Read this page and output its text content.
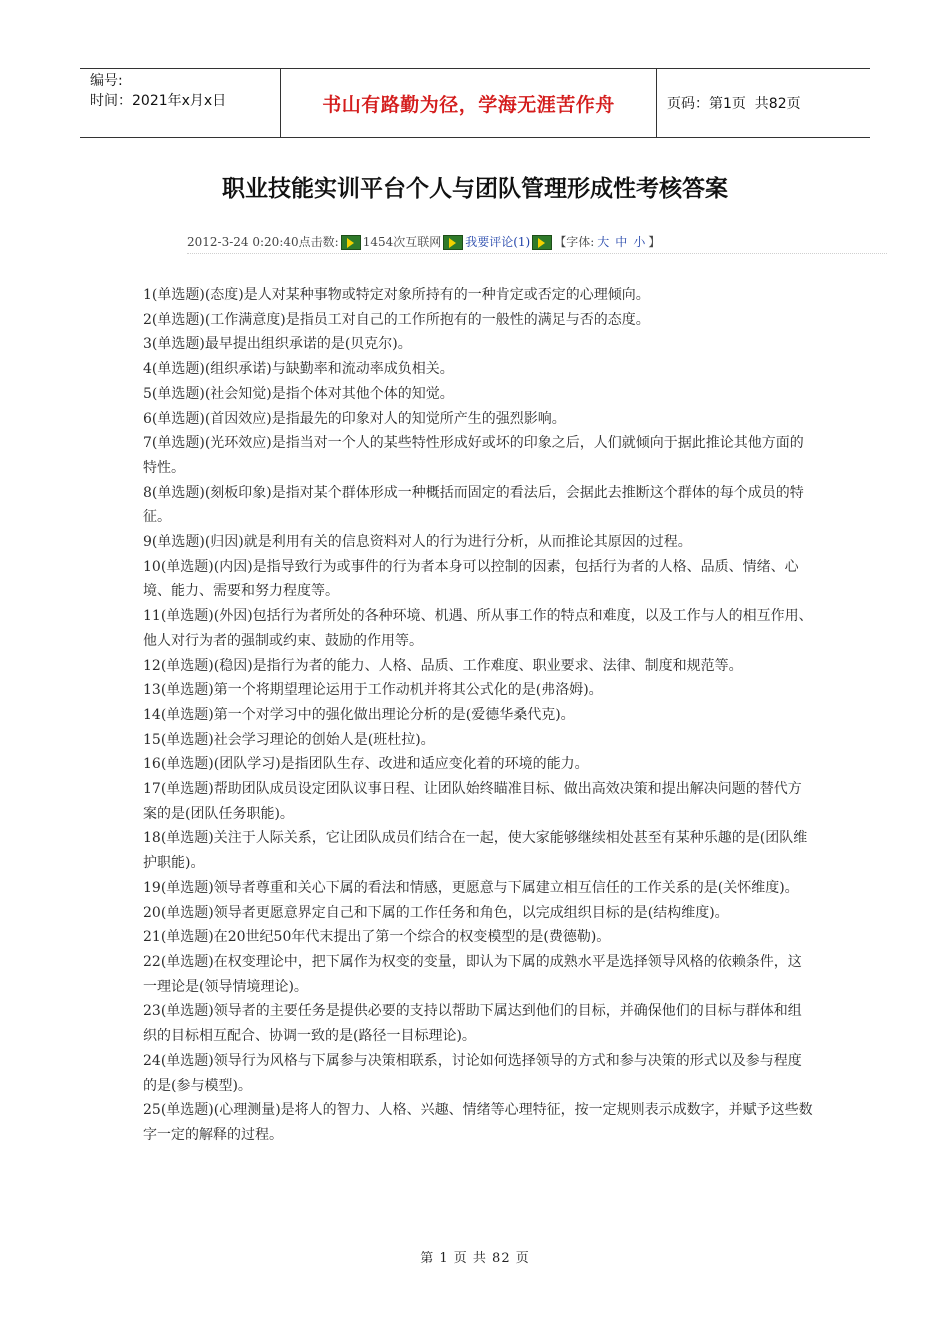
编号:
时间：2021年x月x日	书山有路勤为径，学海无涯苦作舟	页码：第1页  共82页
职业技能实训平台个人与团队管理形成性考核答案
2012-3-24 0:20:40 点击数: 1454次互联网 我要评论(1) 【字体: 大 中 小 】

1(单选题)(态度)是人对某种事物或特定对象所持有的一种肯定或否定的心理倾向。

2(单选题)(工作满意度)是指员工对自己的工作所抱有的一般性的满足与否的态度。

3(单选题)最早提出组织承诺的是(贝克尔)。

4(单选题)(组织承诺)与缺勤率和流动率成负相关。

5(单选题)(社会知觉)是指个体对其他个体的知觉。

6(单选题)(首因效应)是指最先的印象对人的知觉所产生的强烈影响。

7(单选题)(光环效应)是指当对一个人的某些特性形成好或坏的印象之后，人们就倾向于据此推论其他方面的特性。

8(单选题)(刻板印象)是指对某个群体形成一种概括而固定的看法后，会据此去推断这个群体的每个成员的特征。

9(单选题)(归因)就是利用有关的信息资料对人的行为进行分析，从而推论其原因的过程。

10(单选题)(内因)是指导致行为或事件的行为者本身可以控制的因素，包括行为者的人格、品质、情绪、心境、能力、需要和努力程度等。

11(单选题)(外因)包括行为者所处的各种环境、机遇、所从事工作的特点和难度，以及工作与人的相互作用、他人对行为者的强制或约束、鼓励的作用等。

12(单选题)(稳因)是指行为者的能力、人格、品质、工作难度、职业要求、法律、制度和规范等。

13(单选题)第一个将期望理论运用于工作动机并将其公式化的是(弗洛姆)。

14(单选题)第一个对学习中的强化做出理论分析的是(爱德华桑代克)。

15(单选题)社会学习理论的创始人是(班杜拉)。

16(单选题)(团队学习)是指团队生存、改进和适应变化着的环境的能力。

17(单选题)帮助团队成员设定团队议事日程、让团队始终瞄准目标、做出高效决策和提出解决问题的替代方案的是(团队任务职能)。

18(单选题)关注于人际关系，它让团队成员们结合在一起，使大家能够继续相处甚至有某种乐趣的是(团队维护职能)。

19(单选题)领导者尊重和关心下属的看法和情感，更愿意与下属建立相互信任的工作关系的是(关怀维度)。

20(单选题)领导者更愿意界定自己和下属的工作任务和角色，以完成组织目标的是(结构维度)。

21(单选题)在20世纪50年代末提出了第一个综合的权变模型的是(费德勒)。

22(单选题)在权变理论中，把下属作为权变的变量，即认为下属的成熟水平是选择领导风格的依赖条件，这一理论是(领导情境理论)。

23(单选题)领导者的主要任务是提供必要的支持以帮助下属达到他们的目标，并确保他们的目标与群体和组织的目标相互配合、协调一致的是(路径一目标理论)。

24(单选题)领导行为风格与下属参与决策相联系，讨论如何选择领导的方式和参与决策的形式以及参与程度的是(参与模型)。

25(单选题)(心理测量)是将人的智力、人格、兴趣、情绪等心理特征，按一定规则表示成数字，并赋予这些数字一定的解释的过程。

第 1 页 共 82 页
